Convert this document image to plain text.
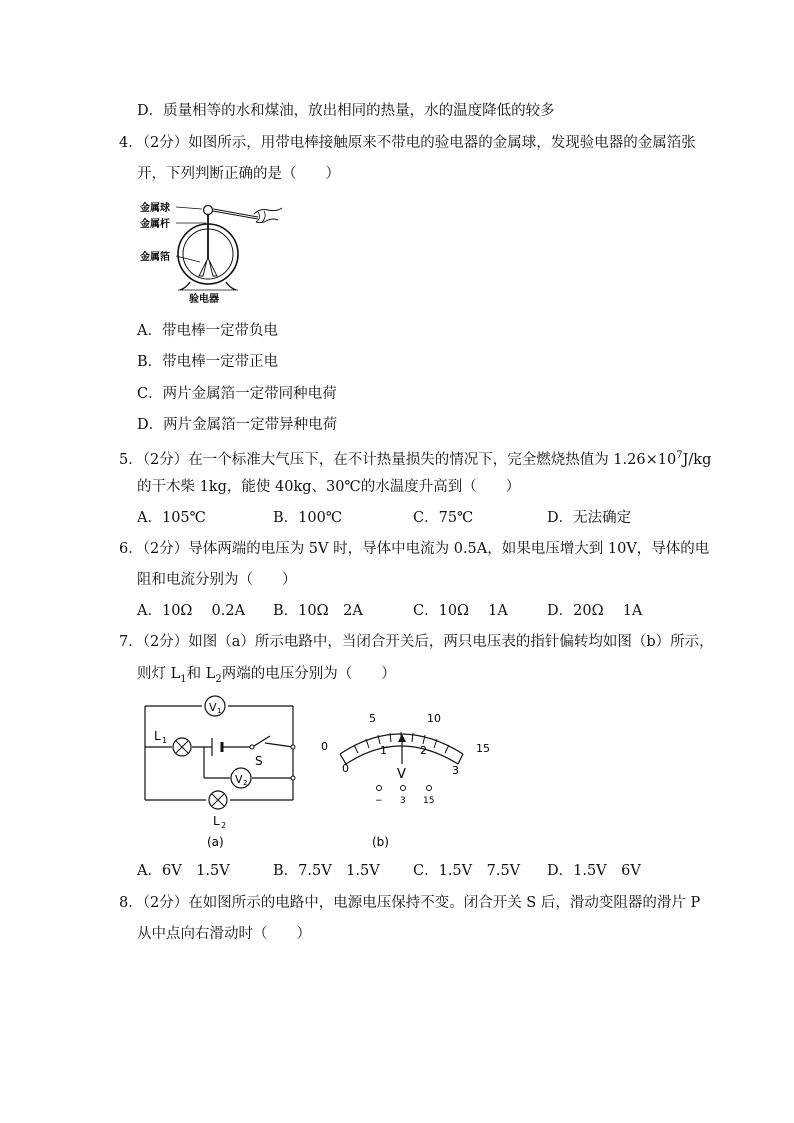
D．质量相等的水和煤油，放出相同的热量，水的温度降低的较多
4．（2分）如图所示，用带电棒接触原来不带电的验电器的金属球，发现验电器的金属箔张
开，下列判断正确的是（　　）
金属球
金属杆
金属箔
验电器
A．带电棒一定带负电
B．带电棒一定带正电
C．两片金属箔一定带同种电荷
D．两片金属箔一定带异种电荷
5．（2分）在一个标准大气压下，在不计热量损失的情况下，完全燃烧热值为 $1.26\times 10^7J/kg$
的干木柴 1kg，能使 40kg、30℃的水温度升高到（　　）
A．105℃	B．100℃	C．75℃	D．无法确定
6．（2分）导体两端的电压为 5V 时，导体中电流为 0.5A，如果电压增大到 10V，导体的电
阻和电流分别为（　　）
A．10Ω　 0.2A B．10Ω　2A	C．10Ω　 1A	D．20Ω　 1A
7．（2分）如图（a）所示电路中，当闭合开关后，两只电压表的指针偏转均如图（b）所示，
则灯 $L_1$和 $L_2$两端的电压分别为（　　）
S
V 1
V 2
L 1
L 2
(a)
0
5	10
15
0
1	2
3
V
− 3 15
(b)
A．6V　1.5V	B．7.5V　1.5V C．1.5V　7.5V D．1.5V　6V
8．（2分）在如图所示的电路中，电源电压保持不变。闭合开关 S 后，滑动变阻器的滑片 P
从中点向右滑动时（　　）
